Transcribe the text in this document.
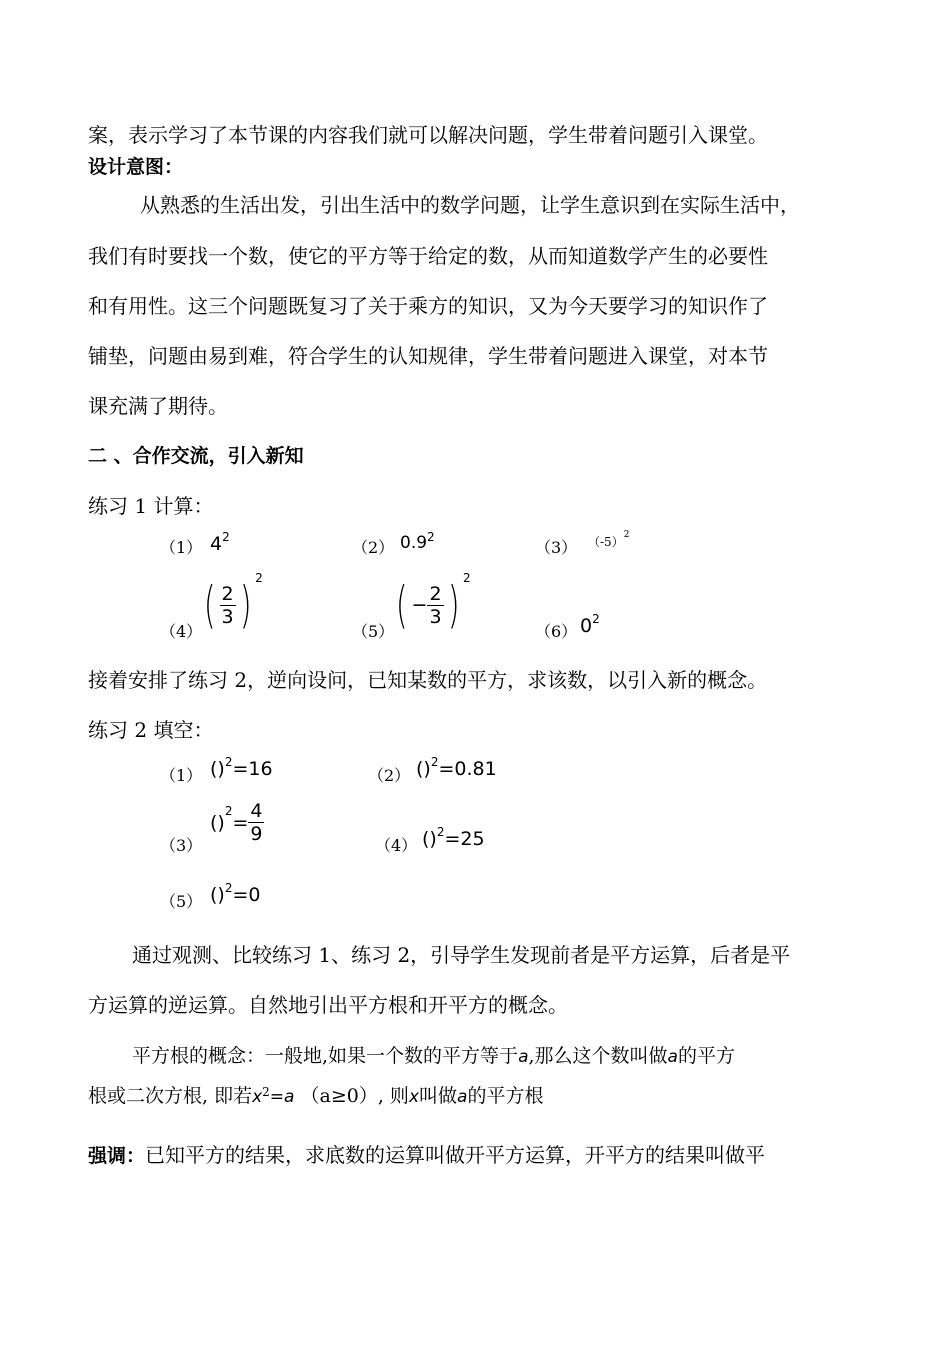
案，表示学习了本节课的内容我们就可以解决问题，学生带着问题引入课堂。
设计意图：
从熟悉的生活出发，引出生活中的数学问题，让学生意识到在实际生活中，
我们有时要找一个数，使它的平方等于给定的数，从而知道数学产生的必要性
和有用性。这三个问题既复习了关于乘方的知识，又为今天要学习的知识作了
铺垫，问题由易到难，符合学生的认知规律，学生带着问题进入课堂，对本节
课充满了期待。
二 、合作交流，引入新知
练习 1 计算：
（1） $4^2$
（2） $0.9^2$
（3） $(-5)^2$
（4） ( $\frac{2}{3}$ ) $^2$
（5） ( − $\frac{2}{3}$ ) $^2$
（6） $0^2$
接着安排了练习 2，逆向设问，已知某数的平方，求该数，以引入新的概念。
练习 2 填空：
（1） ()$^2$=16	（2） ()$^2$=0.81
（3）
()
$^2$
= $\frac{4}{9}$
（4） ()$^2$=25
（5） ()$^2$=0
通过观测、比较练习 1、练习 2，引导学生发现前者是平方运算，后者是平
方运算的逆运算。自然地引出平方根和开平方的概念。
平方根的概念：一般地,如果一个数的平方等于a,那么这个数叫做a的平方
根或二次方根, 即若$x^2=a$ （a≥0）, 则x叫做a的平方根
强调：已知平方的结果，求底数的运算叫做开平方运算，开平方的结果叫做平
